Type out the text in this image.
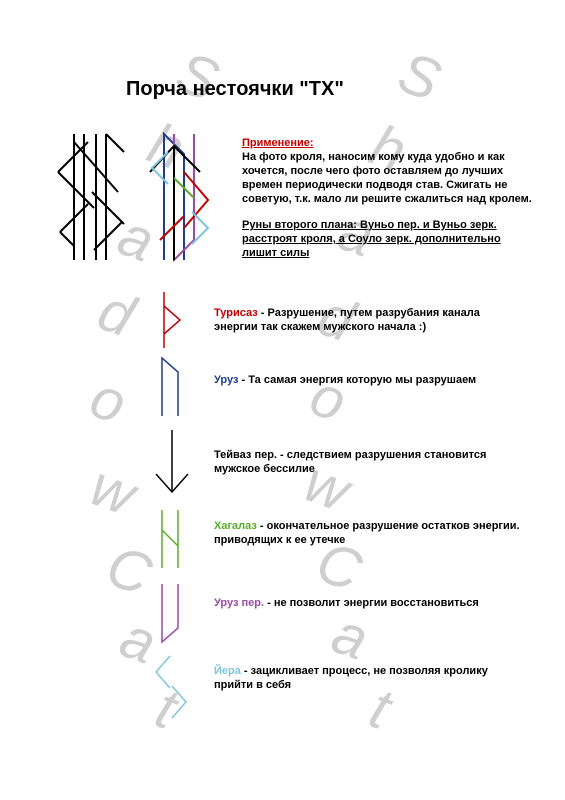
S
h
a
d
o
w
C
a
t
S
h
a
d
o
w
C
a
t
Порча нестоячки "ТХ"
Применение:
На фото кроля, наносим кому куда удобно и как хочется, после чего фото оставляем до лучших времен периодически подводя став. Сжигать не советую, т.к. мало ли решите сжалиться над кролем.
Руны второго плана: Вуньо пер. и Вуньо зерк. расстроят кроля, а Соуло зерк. дополнительно лишит силы
Турисаз - Разрушение, путем разрубания канала энергии так скажем мужского начала :)
Уруз - Та самая энергия которую мы разрушаем
Тейваз пер. - следствием разрушения становится мужское бессилие
Хагалаз - окончательное разрушение остатков энергии. приводящих к ее утечке
Уруз пер. - не позволит энергии восстановиться
Йера - зацикливает процесс, не позволяя кролику прийти в себя
